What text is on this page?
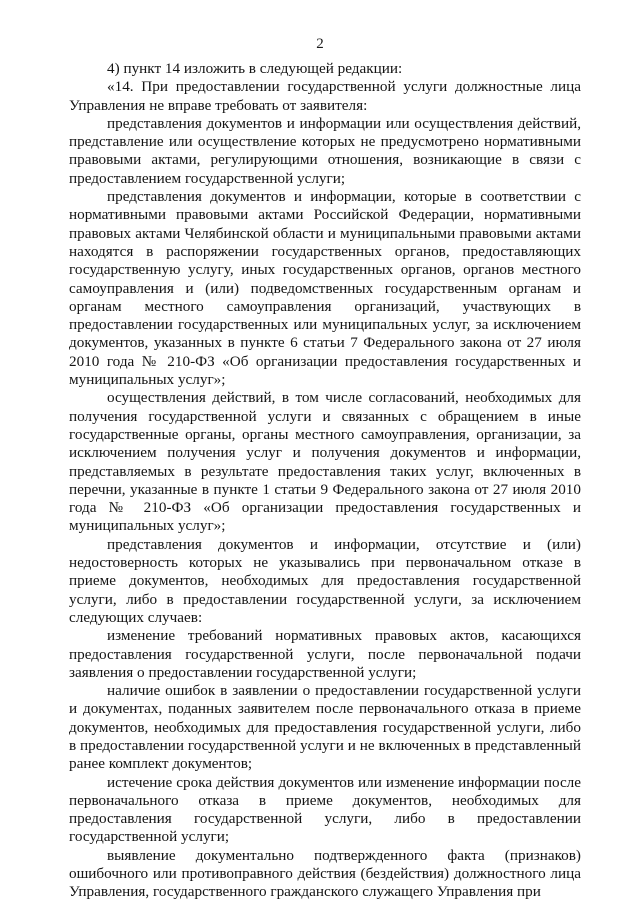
2

4) пункт 14 изложить в следующей редакции:

«14. При предоставлении государственной услуги должностные лица Управления не вправе требовать от заявителя:

представления документов и информации или осуществления действий, представление или осуществление которых не предусмотрено нормативными правовыми актами, регулирующими отношения, возникающие в связи с предоставлением государственной услуги;

представления документов и информации, которые в соответствии с нормативными правовыми актами Российской Федерации, нормативными правовых актами Челябинской области и муниципальными правовыми актами находятся в распоряжении государственных органов, предоставляющих государственную услугу, иных государственных органов, органов местного самоуправления и (или) подведомственных государственным органам и органам местного самоуправления организаций, участвующих в предоставлении государственных или муниципальных услуг, за исключением документов, указанных в пункте 6 статьи 7 Федерального закона от 27 июля 2010 года № 210-ФЗ «Об организации предоставления государственных и муниципальных услуг»;

осуществления действий, в том числе согласований, необходимых для получения государственной услуги и связанных с обращением в иные государственные органы, органы местного самоуправления, организации, за исключением получения услуг и получения документов и информации, представляемых в результате предоставления таких услуг, включенных в перечни, указанные в пункте 1 статьи 9 Федерального закона от 27 июля 2010 года № 210-ФЗ «Об организации предоставления государственных и муниципальных услуг»;

представления документов и информации, отсутствие и (или) недостоверность которых не указывались при первоначальном отказе в приеме документов, необходимых для предоставления государственной услуги, либо в предоставлении государственной услуги, за исключением следующих случаев:

изменение требований нормативных правовых актов, касающихся предоставления государственной услуги, после первоначальной подачи заявления о предоставлении государственной услуги;

наличие ошибок в заявлении о предоставлении государственной услуги и документах, поданных заявителем после первоначального отказа в приеме документов, необходимых для предоставления государственной услуги, либо в предоставлении государственной услуги и не включенных в представленный ранее комплект документов;

истечение срока действия документов или изменение информации после первоначального отказа в приеме документов, необходимых для предоставления государственной услуги, либо в предоставлении государственной услуги;

выявление документально подтвержденного факта (признаков) ошибочного или противоправного действия (бездействия) должностного лица Управления, государственного гражданского служащего Управления при
